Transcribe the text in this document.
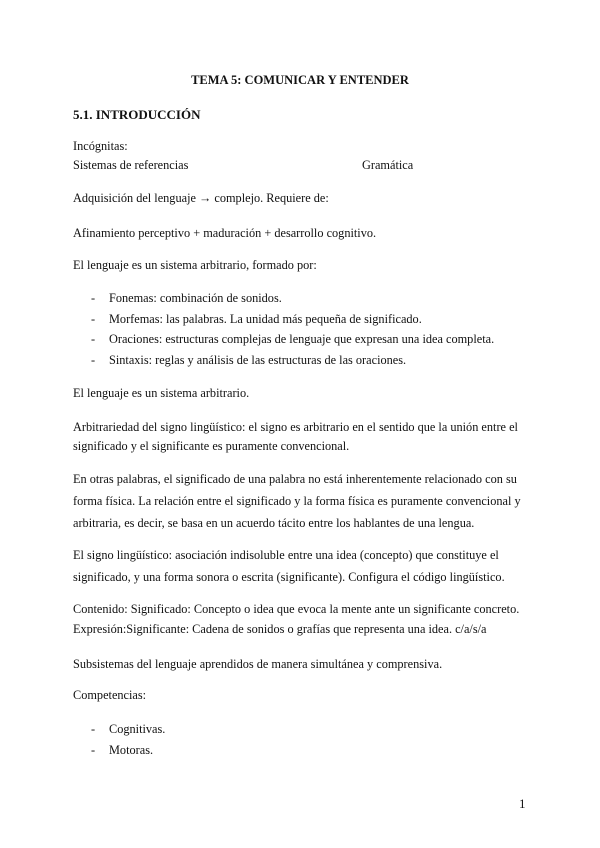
TEMA 5: COMUNICAR Y ENTENDER
5.1. INTRODUCCIÓN
Incógnitas:
Sistemas de referencias	Gramática
Adquisición del lenguaje → complejo. Requiere de:
Afinamiento perceptivo + maduración + desarrollo cognitivo.
El lenguaje es un sistema arbitrario, formado por:
- Fonemas: combinación de sonidos.
- Morfemas: las palabras. La unidad más pequeña de significado.
- Oraciones: estructuras complejas de lenguaje que expresan una idea completa.
- Sintaxis: reglas y análisis de las estructuras de las oraciones.
El lenguaje es un sistema arbitrario.
Arbitrariedad del signo lingüístico: el signo es arbitrario en el sentido que la unión entre el
significado y el significante es puramente convencional.
En otras palabras, el significado de una palabra no está inherentemente relacionado con su
forma física. La relación entre el significado y la forma física es puramente convencional y
arbitraria, es decir, se basa en un acuerdo tácito entre los hablantes de una lengua.
El signo lingüístico: asociación indisoluble entre una idea (concepto) que constituye el
significado, y una forma sonora o escrita (significante). Configura el código lingüístico.
Contenido: Significado: Concepto o idea que evoca la mente ante un significante concreto.
Expresión:Significante: Cadena de sonidos o grafías que representa una idea. c/a/s/a
Subsistemas del lenguaje aprendidos de manera simultánea y comprensiva.
Competencias:
- Cognitivas.
- Motoras.
1
